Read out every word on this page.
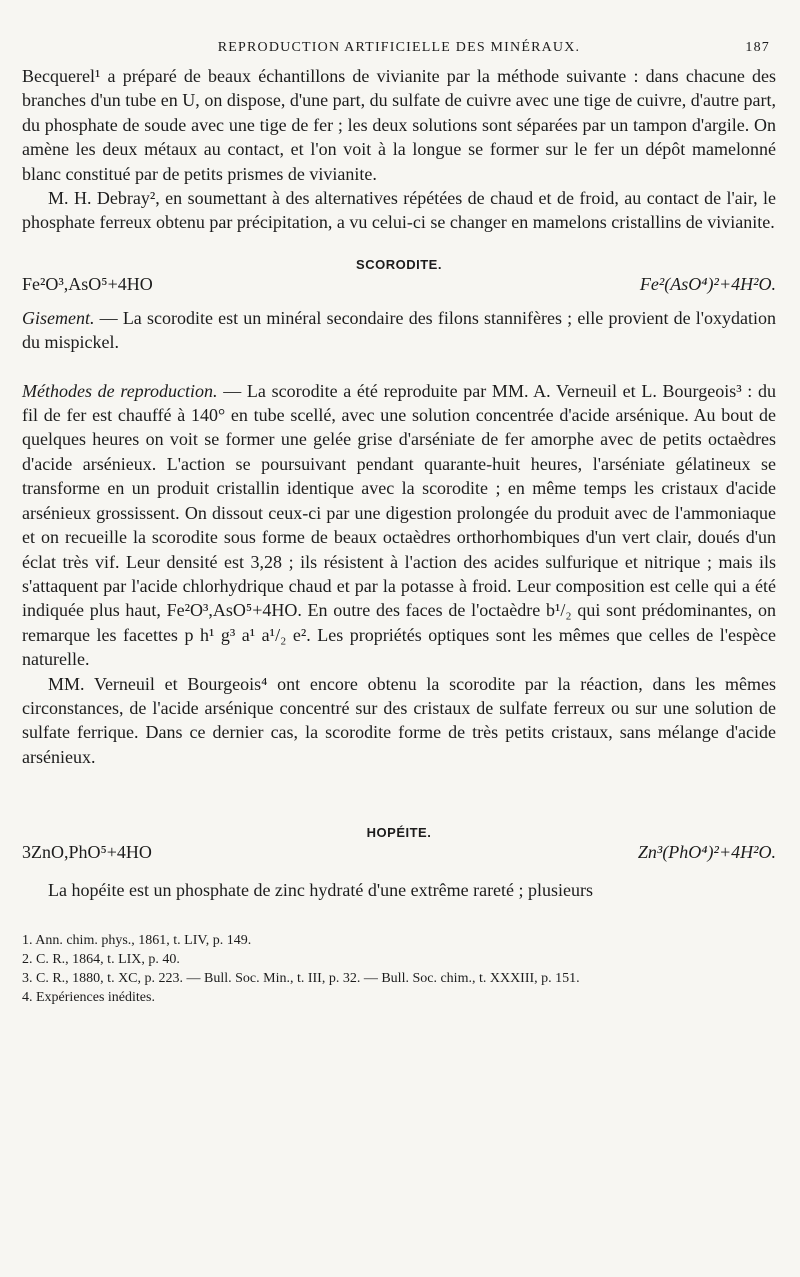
REPRODUCTION ARTIFICIELLE DES MINÉRAUX.	187

Becquerel¹ a préparé de beaux échantillons de vivianite par la méthode suivante : dans chacune des branches d'un tube en U, on dispose, d'une part, du sulfate de cuivre avec une tige de cuivre, d'autre part, du phosphate de soude avec une tige de fer ; les deux solutions sont séparées par un tampon d'argile. On amène les deux métaux au contact, et l'on voit à la longue se former sur le fer un dépôt mamelonné blanc constitué par de petits prismes de vivianite.

M. H. Debray², en soumettant à des alternatives répétées de chaud et de froid, au contact de l'air, le phosphate ferreux obtenu par précipitation, a vu celui-ci se changer en mamelons cristallins de vivianite.

SCORODITE.
Fe²O³,AsO⁵+4HO	Fe²(AsO⁴)²+4H²O.

Gisement. — La scorodite est un minéral secondaire des filons stannifères ; elle provient de l'oxydation du mispickel.

Méthodes de reproduction. — La scorodite a été reproduite par MM. A. Verneuil et L. Bourgeois³ : du fil de fer est chauffé à 140° en tube scellé, avec une solution concentrée d'acide arsénique. Au bout de quelques heures on voit se former une gelée grise d'arséniate de fer amorphe avec de petits octaèdres d'acide arsénieux. L'action se poursuivant pendant quarante-huit heures, l'arséniate gélatineux se transforme en un produit cristallin identique avec la scorodite ; en même temps les cristaux d'acide arsénieux grossissent. On dissout ceux-ci par une digestion prolongée du produit avec de l'ammoniaque et on recueille la scorodite sous forme de beaux octaèdres orthorhombiques d'un vert clair, doués d'un éclat très vif. Leur densité est 3,28 ; ils résistent à l'action des acides sulfurique et nitrique ; mais ils s'attaquent par l'acide chlorhydrique chaud et par la potasse à froid. Leur composition est celle qui a été indiquée plus haut, Fe²O³,AsO⁵+4HO. En outre des faces de l'octaèdre b¹/₂ qui sont prédominantes, on remarque les facettes p h¹ g³ a¹ a¹/₂ e². Les propriétés optiques sont les mêmes que celles de l'espèce naturelle.

MM. Verneuil et Bourgeois⁴ ont encore obtenu la scorodite par la réaction, dans les mêmes circonstances, de l'acide arsénique concentré sur des cristaux de sulfate ferreux ou sur une solution de sulfate ferrique. Dans ce dernier cas, la scorodite forme de très petits cristaux, sans mélange d'acide arsénieux.

HOPÉITE.
3ZnO,PhO⁵+4HO	Zn³(PhO⁴)²+4H²O.

La hopéite est un phosphate de zinc hydraté d'une extrême rareté ; plusieurs

1. Ann. chim. phys., 1861, t. LIV, p. 149.

2. C. R., 1864, t. LIX, p. 40.

3. C. R., 1880, t. XC, p. 223. — Bull. Soc. Min., t. III, p. 32. — Bull. Soc. chim., t. XXXIII, p. 151.

4. Expériences inédites.
